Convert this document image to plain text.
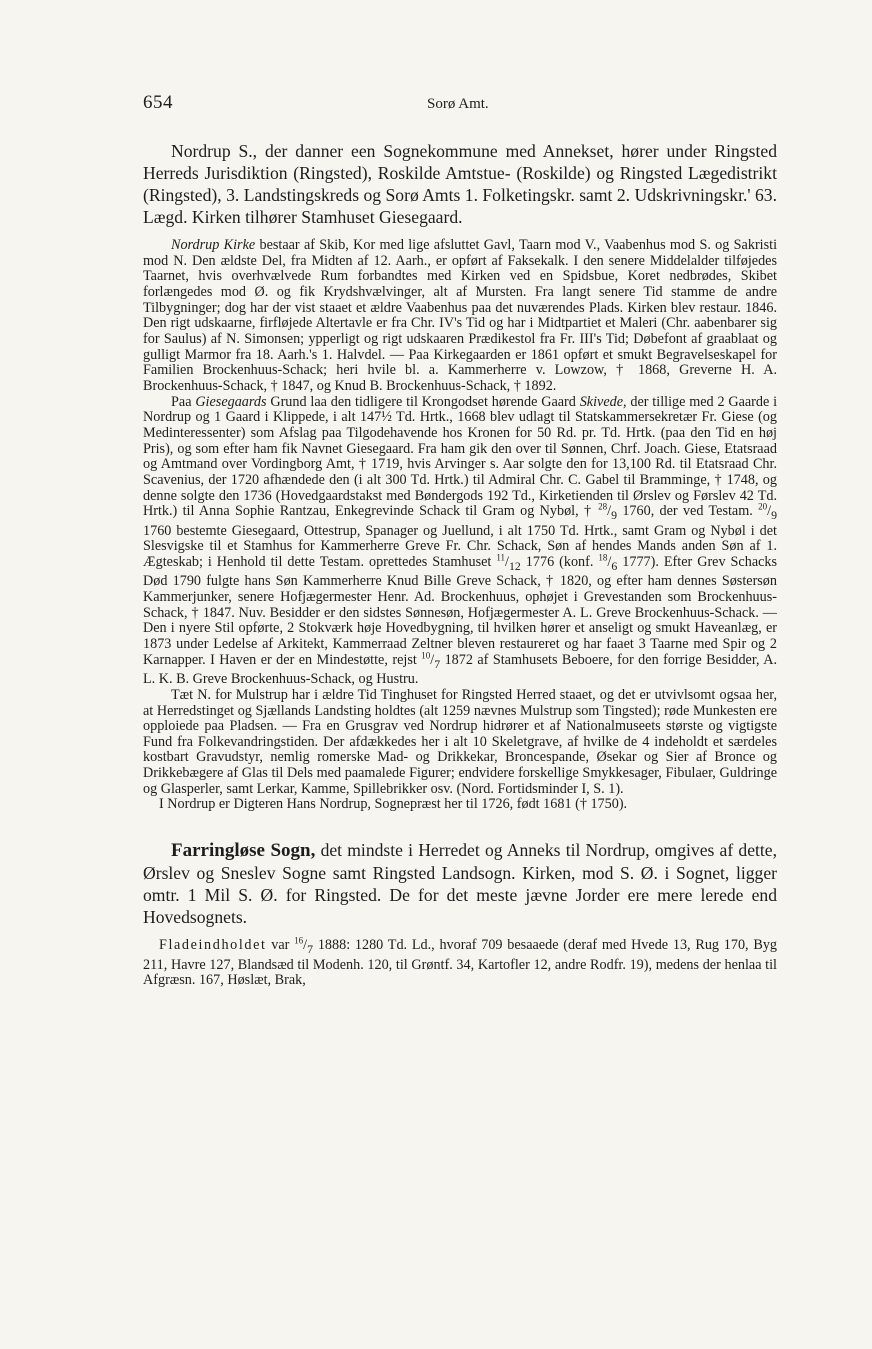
654	Sorø Amt.

Nordrup S., der danner een Sognekommune med Annekset, hører under Ringsted Herreds Jurisdiktion (Ringsted), Roskilde Amtstue- (Roskilde) og Ringsted Lægedistrikt (Ringsted), 3. Landstingskreds og Sorø Amts 1. Folketingskr. samt 2. Udskrivningskr.' 63. Lægd. Kirken tilhører Stamhuset Giesegaard.

Nordrup Kirke bestaar af Skib, Kor med lige afsluttet Gavl, Taarn mod V., Vaabenhus mod S. og Sakristi mod N. Den ældste Del, fra Midten af 12. Aarh., er opført af Faksekalk. I den senere Middelalder tilføjedes Taarnet, hvis overhvælvede Rum forbandtes med Kirken ved en Spidsbue, Koret nedbrødes, Skibet forlængedes mod Ø. og fik Krydshvælvinger, alt af Mursten. Fra langt senere Tid stamme de andre Tilbygninger; dog har der vist staaet et ældre Vaabenhus paa det nuværendes Plads. Kirken blev restaur. 1846. Den rigt udskaarne, firfløjede Altertavle er fra Chr. IV's Tid og har i Midtpartiet et Maleri (Chr. aabenbarer sig for Saulus) af N. Simonsen; ypperligt og rigt udskaaren Prædikestol fra Fr. III's Tid; Døbefont af graablaat og gulligt Marmor fra 18. Aarh.'s 1. Halvdel. — Paa Kirkegaarden er 1861 opført et smukt Begravelseskapel for Familien Brockenhuus-Schack; heri hvile bl. a. Kammerherre v. Lowzow, † 1868, Greverne H. A. Brockenhuus-Schack, † 1847, og Knud B. Brockenhuus-Schack, † 1892.

Paa Giesegaards Grund laa den tidligere til Krongodset hørende Gaard Skivede, der tillige med 2 Gaarde i Nordrup og 1 Gaard i Klippede, i alt 147½ Td. Hrtk., 1668 blev udlagt til Statskammersekretær Fr. Giese (og Medinteressenter) som Afslag paa Tilgodehavende hos Kronen for 50 Rd. pr. Td. Hrtk. (paa den Tid en høj Pris), og som efter ham fik Navnet Giesegaard. Fra ham gik den over til Sønnen, Chrf. Joach. Giese, Etatsraad og Amtmand over Vordingborg Amt, † 1719, hvis Arvinger s. Aar solgte den for 13,100 Rd. til Etatsraad Chr. Scavenius, der 1720 afhændede den (i alt 300 Td. Hrtk.) til Admiral Chr. C. Gabel til Bramminge, † 1748, og denne solgte den 1736 (Hovedgaardstakst med Bøndergods 192 Td., Kirketienden til Ørslev og Førslev 42 Td. Hrtk.) til Anna Sophie Rantzau, Enkegrevinde Schack til Gram og Nybøl, † $^{28}/_9$ 1760, der ved Testam. $^{20}/_9$ 1760 bestemte Giesegaard, Ottestrup, Spanager og Juellund, i alt 1750 Td. Hrtk., samt Gram og Nybøl i det Slesvigske til et Stamhus for Kammerherre Greve Fr. Chr. Schack, Søn af hendes Mands anden Søn af 1. Ægteskab; i Henhold til dette Testam. oprettedes Stamhuset $^{11}/_{12}$ 1776 (konf. $^{18}/_6$ 1777). Efter Grev Schacks Død 1790 fulgte hans Søn Kammerherre Knud Bille Greve Schack, † 1820, og efter ham dennes Søstersøn Kammerjunker, senere Hofjægermester Henr. Ad. Brockenhuus, ophøjet i Grevestanden som Brockenhuus-Schack, † 1847. Nuv. Besidder er den sidstes Sønnesøn, Hofjægermester A. L. Greve Brockenhuus-Schack. — Den i nyere Stil opførte, 2 Stokværk høje Hovedbygning, til hvilken hører et anseligt og smukt Haveanlæg, er 1873 under Ledelse af Arkitekt, Kammerraad Zeltner bleven restaureret og har faaet 3 Taarne med Spir og 2 Karnapper. I Haven er der en Mindestøtte, rejst $^{10}/_7$ 1872 af Stamhusets Beboere, for den forrige Besidder, A. L. K. B. Greve Brockenhuus-Schack, og Hustru.

Tæt N. for Mulstrup har i ældre Tid Tinghuset for Ringsted Herred staaet, og det er utvivlsomt ogsaa her, at Herredstinget og Sjællands Landsting holdtes (alt 1259 nævnes Mulstrup som Tingsted); røde Munkesten ere opploiede paa Pladsen. — Fra en Grusgrav ved Nordrup hidrører et af Nationalmuseets største og vigtigste Fund fra Folkevandringstiden. Der afdækkedes her i alt 10 Skeletgrave, af hvilke de 4 indeholdt et særdeles kostbart Gravudstyr, nemlig romerske Mad- og Drikkekar, Broncespande, Øsekar og Sier af Bronce og Drikkebægere af Glas til Dels med paamalede Figurer; endvidere forskellige Smykkesager, Fibulaer, Guldringe og Glasperler, samt Lerkar, Kamme, Spillebrikker osv. (Nord. Fortidsminder I, S. 1).

I Nordrup er Digteren Hans Nordrup, Sognepræst her til 1726, født 1681 († 1750).

Farringløse Sogn, det mindste i Herredet og Anneks til Nordrup, omgives af dette, Ørslev og Sneslev Sogne samt Ringsted Landsogn. Kirken, mod S. Ø. i Sognet, ligger omtr. 1 Mil S. Ø. for Ringsted. De for det meste jævne Jorder ere mere lerede end Hovedsognets.

Fladeindholdet var $^{16}/_7$ 1888: 1280 Td. Ld., hvoraf 709 besaaede (deraf med Hvede 13, Rug 170, Byg 211, Havre 127, Blandsæd til Modenh. 120, til Grøntf. 34, Kartofler 12, andre Rodfr. 19), medens der henlaa til Afgræsn. 167, Høslæt, Brak,
